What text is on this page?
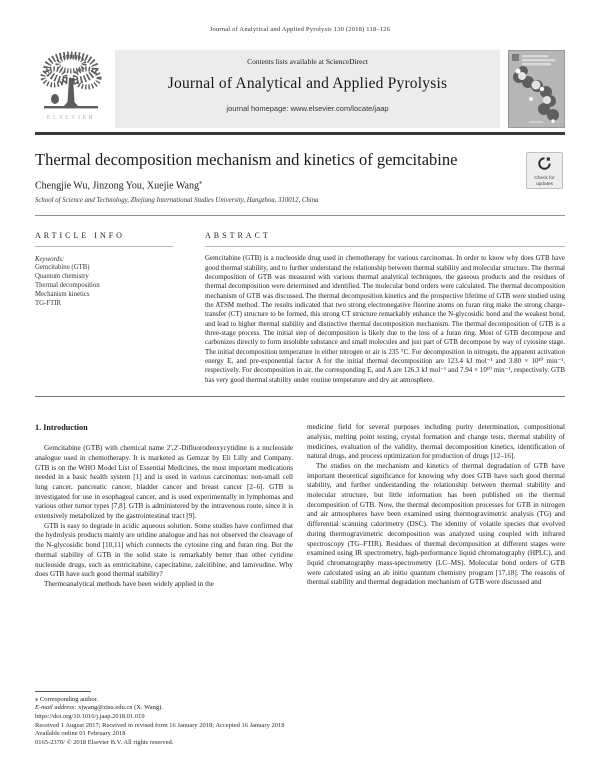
Journal of Analytical and Applied Pyrolysis 130 (2018) 118–126
ELSEVIER
Contents lists available at ScienceDirect
Journal of Analytical and Applied Pyrolysis
journal homepage: www.elsevier.com/locate/jaap
Thermal decomposition mechanism and kinetics of gemcitabine
Check for updates
Chengjie Wu, Jinzong You, Xuejie Wang⁎
School of Science and Technology, Zhejiang International Studies University, Hangzhou, 310012, China
ARTICLE INFO
Keywords:
Gemcitabine (GTB)
Quantum chemistry
Thermal decomposition
Mechanism kinetics
TG-FTIR
ABSTRACT

Gemcitabine (GTB) is a nucleoside drug used in chemotherapy for various carcinomas. In order to know why does GTB have good thermal stability, and to further understand the relationship between thermal stability and molecular structure. The thermal decomposition of GTB was measured with various thermal analytical techniques, the gaseous products and the residues of thermal decomposition were determined and identified. The molecular bond orders were calculated. The thermal decomposition mechanism of GTB was discussed. The thermal decomposition kinetics and the prospective lifetime of GTB were studied using the ATSM method. The results indicated that two strong electronegative fluorine atoms on furan ring make the strong charge-transfer (CT) structure to be formed, this strong CT structure remarkably enhance the N-glycosidic bond and the weakest bond, and lead to higher thermal stability and distinctive thermal decomposition mechanism. The thermal decomposition of GTB is a three-stage process. The initial step of decomposition is likely due to the loss of a furan ring. Most of GTB decompose and carbonizes directly to form insoluble substance and small molecules and just part of GTB decompose by way of cytosine stage. The initial decomposition temperature in either nitrogen or air is 235 °C. For decomposition in nitrogen, the apparent activation energy Eₐ and pre-exponential factor A for the initial thermal decomposition are 123.4 kJ mol⁻¹ and 3.80 × 10¹⁰ min⁻¹, respectively. For decomposition in air, the corresponding Eₐ and A are 126.3 kJ mol⁻¹ and 7.94 × 10¹⁰ min⁻¹, respectively. GTB has very good thermal stability under routine temperature and dry air atmosphere.

1. Introduction

Gemcitabine (GTB) with chemical name 2′,2′-Difluorodeoxycytidine is a nucleoside analogue used in chemotherapy. It is marketed as Gemzar by Eli Lilly and Company. GTB is on the WHO Model List of Essential Medicines, the most important medications needed in a basic health system [1] and is used in various carcinomas: non-small cell lung cancer, pancreatic cancer, bladder cancer and breast cancer [2–6]. GTB is investigated for use in esophageal cancer, and is used experimentally in lymphomas and various other tumor types [7,8]. GTB is administered by the intravenous route, since it is extensively metabolized by the gastrointestinal tract [9].

GTB is easy to degrade in acidic aqueous solution. Some studies have confirmed that the hydrolysis products mainly are uridine analogue and has not observed the cleavage of the N-glycosidic bond [10,11] which connects the cytosine ring and furan ring. But the thermal stability of GTB in the solid state is remarkably better than other cytidine nucleoside drugs, such as emtricitabine, capecitabine, zalcitibine, and lamivudine. Why does GTB have such good thermal stability?

Thermoanalytical methods have been widely applied in the

medicine field for several purposes including purity determination, compositional analysis, melting point testing, crystal formation and change tests, thermal stability of medicines, evaluation of the validity, thermal decomposition kinetics, identification of natural drugs, and process optimization for production of drugs [12–16].

The studies on the mechanism and kinetics of thermal degradation of GTB have important theoretical significance for knowing why does GTB have such good thermal stability, and further understanding the relationship between thermal stability and molecular structure, but little information has been published on the thermal decomposition of GTB. Now, the thermal decomposition processes for GTB in nitrogen and air atmospheres have been examined using thermogravimetric analysis (TG) and differential scanning calorimetry (DSC). The identity of volatile species that evolved during thermogravimetric decomposition was analyzed using coupled with infrared spectroscopy (TG–FTIR). Residues of thermal decomposition at different stages were examined using IR spectrometry, high-performance liquid chromatography (HPLC), and liquid chromatography mass-spectrometry (LC–MS). Molecular bond orders of GTB were calculated using an ab initio quantum chemistry program [17,18]. The reasons of thermal stability and thermal degradation mechanism of GTB were discussed and

⁎ Corresponding author.
E-mail address: xjwang@zisu.edu.cn (X. Wang).
https://doi.org/10.1016/j.jaap.2018.01.019
Received 1 August 2017; Received in revised form 16 January 2018; Accepted 16 January 2018
Available online 01 February 2018
0165-2370/ © 2018 Elsevier B.V. All rights reserved.
